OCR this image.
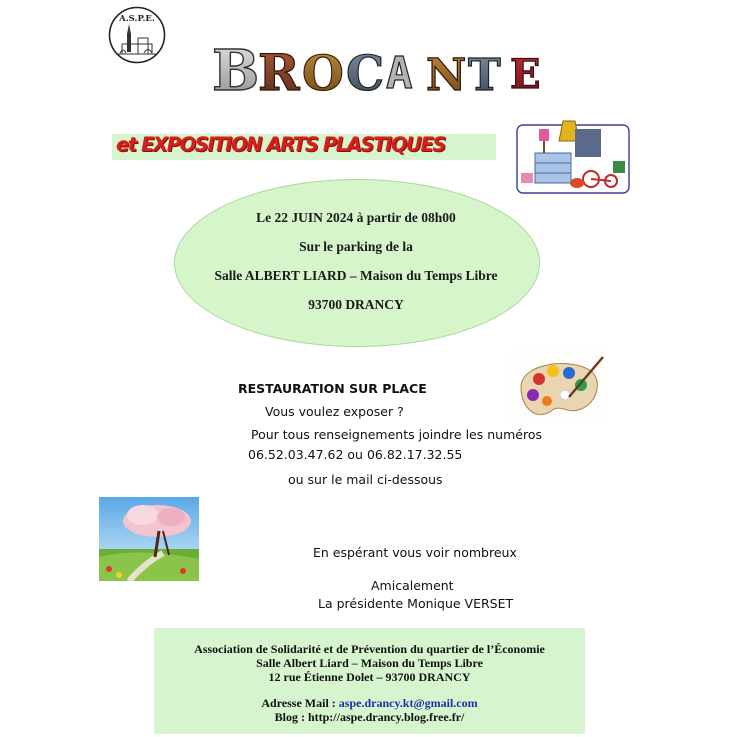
A.S.P.E.
B
R O C A N T E
et EXPOSITION ARTS PLASTIQUES
Le 22 JUIN 2024 à partir de 08h00
Sur le parking de la
Salle ALBERT LIARD – Maison du Temps Libre
93700 DRANCY
RESTAURATION SUR PLACE
Vous voulez exposer ?
Pour tous renseignements joindre les numéros
06.52.03.47.62 ou 06.82.17.32.55
ou sur le mail ci-dessous
En espérant vous voir nombreux
Amicalement
La présidente Monique VERSET
Association de Solidarité et de Prévention du quartier de l’Économie
Salle Albert Liard – Maison du Temps Libre
12 rue Étienne Dolet – 93700 DRANCY
Adresse Mail : aspe.drancy.kt@gmail.com
Blog : http://aspe.drancy.blog.free.fr/
